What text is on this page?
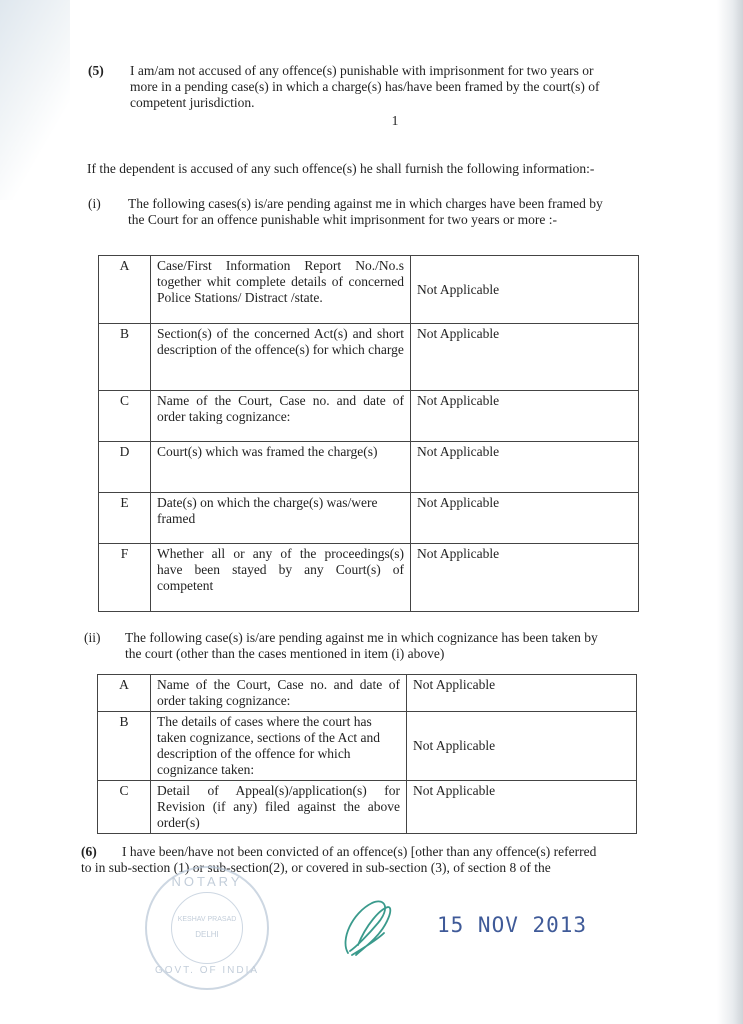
(5) I am/am not accused of any offence(s) punishable with imprisonment for two years or
more in a pending case(s) in which a charge(s) has/have been framed by the court(s) of
competent jurisdiction.
1
If the dependent is accused of any such offence(s) he shall furnish the following information:-
(i) The following cases(s) is/are pending against me in which charges have been framed by
the Court for an offence punishable whit imprisonment for two years or more :-
A	Case/First Information Report No./No.s together whit complete details of concerned Police Stations/ Distract /state.	Not Applicable
B	Section(s) of the concerned Act(s) and short description of the offence(s) for which charge	Not Applicable
C	Name of the Court, Case no. and date of order taking cognizance:	Not Applicable
D	Court(s) which was framed the charge(s)	Not Applicable
E	Date(s) on which the charge(s) was/were framed	Not Applicable
F	Whether all or any of the proceedings(s) have been stayed by any Court(s) of competent	Not Applicable
(ii) The following case(s) is/are pending against me in which cognizance has been taken by
the court (other than the cases mentioned in item (i) above)
A	Name of the Court, Case no. and date of order taking cognizance:	Not Applicable
B	The details of cases where the court has taken cognizance, sections of the Act and description of the offence for which cognizance taken:	Not Applicable
C	Detail of Appeal(s)/application(s) for Revision (if any) filed against the above order(s)	Not Applicable
(6) I have been/have not been convicted of an offence(s) [other than any offence(s) referred
to in sub-section (1) or sub-section(2), or covered in sub-section (3), of section 8 of the
NOTARY
KESHAV PRASAD
DELHI
GOVT. OF INDIA
15 NOV 2013
